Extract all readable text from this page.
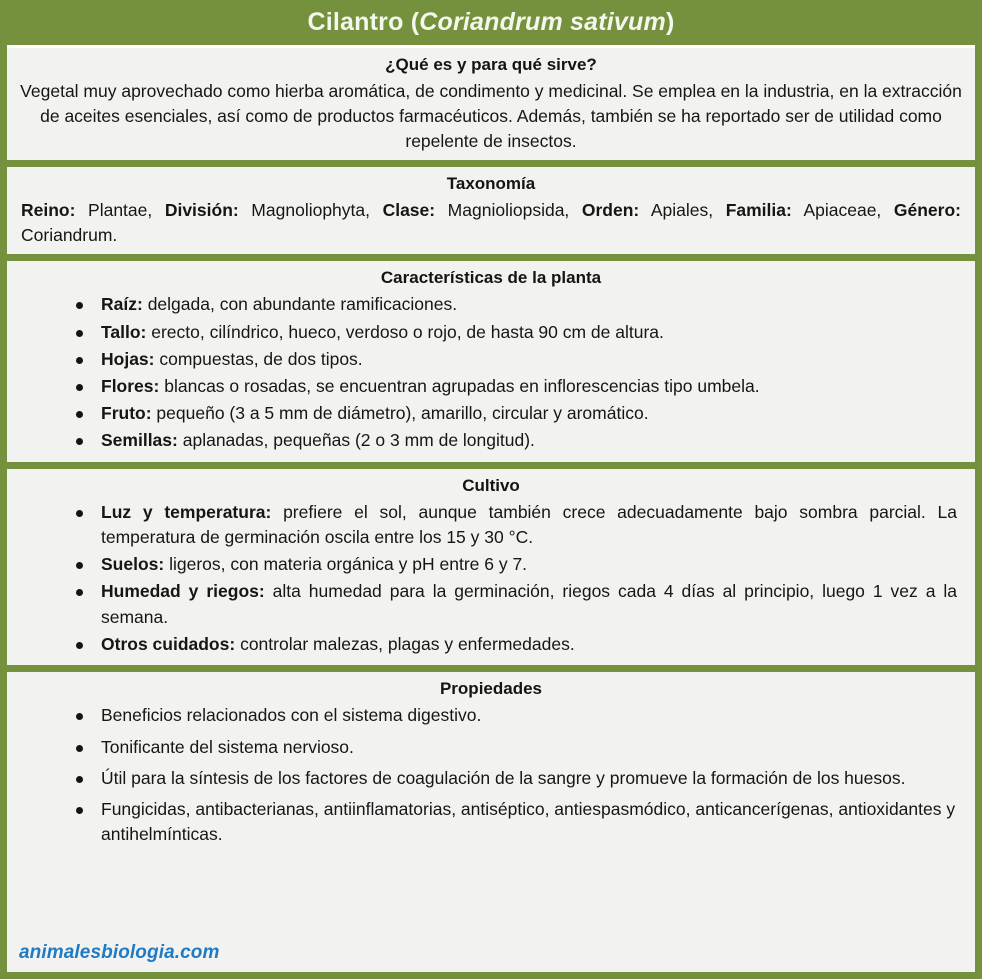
Cilantro (Coriandrum sativum)
¿Qué es y para qué sirve?

Vegetal muy aprovechado como hierba aromática, de condimento y medicinal. Se emplea en la industria, en la extracción de aceites esenciales, así como de productos farmacéuticos. Además, también se ha reportado ser de utilidad como repelente de insectos.

Taxonomía

Reino: Plantae, División: Magnoliophyta, Clase: Magnioliopsida, Orden: Apiales, Familia: Apiaceae, Género: Coriandrum.

Características de la planta
Raíz: delgada, con abundante ramificaciones.
Tallo: erecto, cilíndrico, hueco, verdoso o rojo, de hasta 90 cm de altura.
Hojas: compuestas, de dos tipos.
Flores: blancas o rosadas, se encuentran agrupadas en inflorescencias tipo umbela.
Fruto: pequeño (3 a 5 mm de diámetro), amarillo, circular y aromático.
Semillas: aplanadas, pequeñas (2 o 3 mm de longitud).
Cultivo
Luz y temperatura: prefiere el sol, aunque también crece adecuadamente bajo sombra parcial. La temperatura de germinación oscila entre los 15 y 30 °C.
Suelos: ligeros, con materia orgánica y pH entre 6 y 7.
Humedad y riegos: alta humedad para la germinación, riegos cada 4 días al principio, luego 1 vez a la semana.
Otros cuidados: controlar malezas, plagas y enfermedades.
Propiedades
Beneficios relacionados con el sistema digestivo.
Tonificante del sistema nervioso.
Útil para la síntesis de los factores de coagulación de la sangre y promueve la formación de los huesos.
Fungicidas, antibacterianas, antiinflamatorias, antiséptico, antiespasmódico, anticancerígenas, antioxidantes y antihelmínticas.
animalesbiologia.com
